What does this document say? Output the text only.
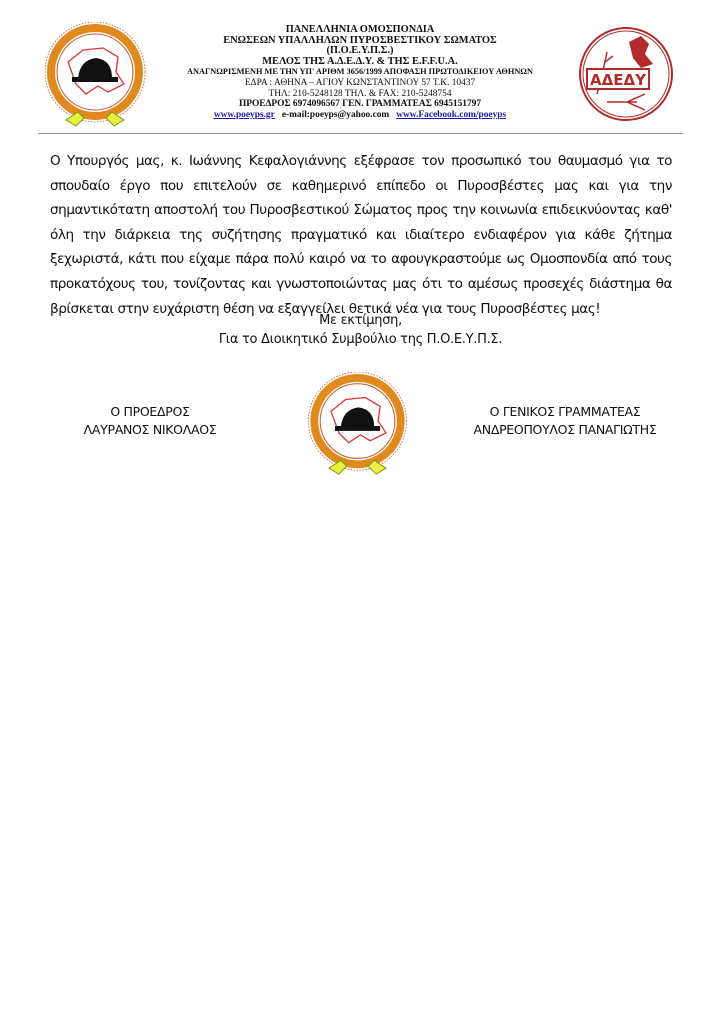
ΠΑΝΕΛΛΗΝΙΑ ΟΜΟΣΠΟΝΔΙΑ
ΕΝΩΣΕΩΝ ΥΠΑΛΛΗΛΩΝ ΠΥΡΟΣΒΕΣΤΙΚΟΥ ΣΩΜΑΤΟΣ
(Π.Ο.Ε.Υ.Π.Σ.)
ΜΕΛΟΣ ΤΗΣ Α.Δ.Ε.Δ.Υ. & ΤΗΣ E.F.F.U.A.
ΑΝΑΓΝΩΡΙΣΜΕΝΗ ΜΕ ΤΗΝ ΥΠ' ΑΡΙΘΜ 3656/1999 ΑΠΟΦΑΣΗ ΠΡΩΤΟΔΙΚΕΙΟΥ ΑΘΗΝΩΝ
ΕΔΡΑ : ΑΘΗΝΑ – ΑΓΙΟΥ ΚΩΝΣΤΑΝΤΙΝΟΥ 57 Τ.Κ. 10437
ΤΗΛ: 210-5248128 ΤΗΛ. & FAX: 210-5248754
ΠΡΟΕΔΡΟΣ 6974096567 ΓΕΝ. ΓΡΑΜΜΑΤΕΑΣ 6945151797
www.poeyps.gr e-mail:poeyps@yahoo.com www.Facebook.com/poeyps
ΑΔΕΔΥ
Ο Υπουργός μας, κ. Ιωάννης Κεφαλογιάννης εξέφρασε τον προσωπικό του θαυμασμό για το σπουδαίο έργο που επιτελούν σε καθημερινό επίπεδο οι Πυροσβέστες μας και για την σημαντικότατη αποστολή του Πυροσβεστικού Σώματος προς την κοινωνία επιδεικνύοντας καθ' όλη την διάρκεια της συζήτησης πραγματικό και ιδιαίτερο ενδιαφέρον για κάθε ζήτημα ξεχωριστά, κάτι που είχαμε πάρα πολύ καιρό να το αφουγκραστούμε ως Ομοσπονδία από τους προκατόχους του, τονίζοντας και γνωστοποιώντας μας ότι το αμέσως προσεχές διάστημα θα βρίσκεται στην ευχάριστη θέση να εξαγγείλει θετικά νέα για τους Πυροσβέστες μας!
Με εκτίμηση,
Για το Διοικητικό Συμβούλιο της Π.Ο.Ε.Υ.Π.Σ.
Ο ΠΡΟΕΔΡΟΣ
ΛΑΥΡΑΝΟΣ ΝΙΚΟΛΑΟΣ
Ο ΓΕΝΙΚΟΣ ΓΡΑΜΜΑΤΕΑΣ
ΑΝΔΡΕΟΠΟΥΛΟΣ ΠΑΝΑΓΙΩΤΗΣ
